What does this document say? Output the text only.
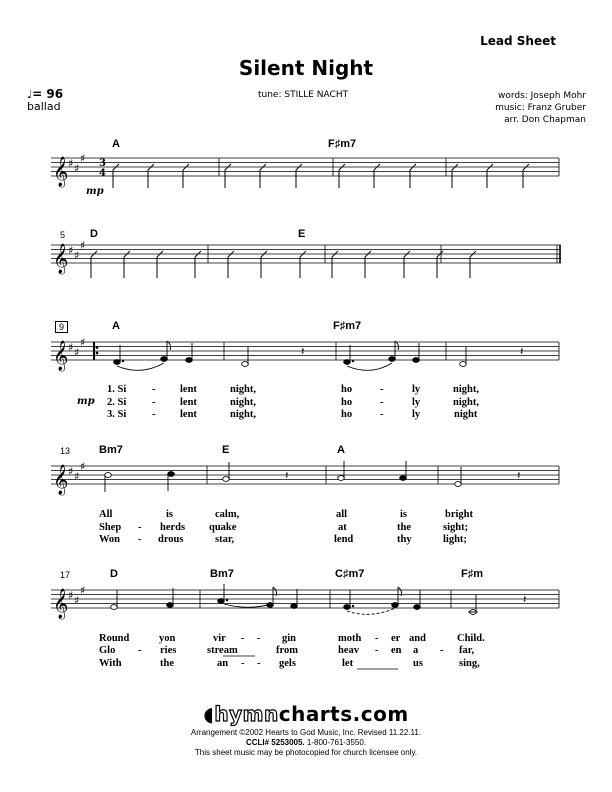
Lead Sheet
Silent Night
♩= 96
ballad
tune: STILLE NACHT	words: Joseph Mohr
music: Franz Gruber
arr. Don Chapman
𝄞
𝄞
𝄞
𝄞
𝄞
♯ ♯
♯
♯ ♯
♯
♯ ♯
♯
♯ ♯
♯
♯ ♯
♯
3
4
𝄽	𝄽
𝄽	𝄽
𝄽
mp
A	F♯m7
5 D	E
9	A	F♯m7
mp
13	Bm7	E	A
17	D	Bm7	C♯m7	F♯m
1. Si - lent	night,	ho	-	ly	night,
2. Si - lent	night,	ho	-	ly	night,
3. Si - lent	night,	ho	-	ly	night
All	is	calm,	all	is	bright
Shep - herds quake	at	the	sight;
Won - drous	star,	lend	thy	light;
Round	yon	vir - - gin	moth - er and	Child.
Glo - ries	stream	from	heav - en a - far,
With	the	an - - gels	let	us	sing,
◖hymncharts.com
Arrangement ©2002 Hearts to God Music, Inc. Revised 11.22.11.
CCLI# 5253005. 1-800-761-3550.
This sheet music may be photocopied for church licensee only.
